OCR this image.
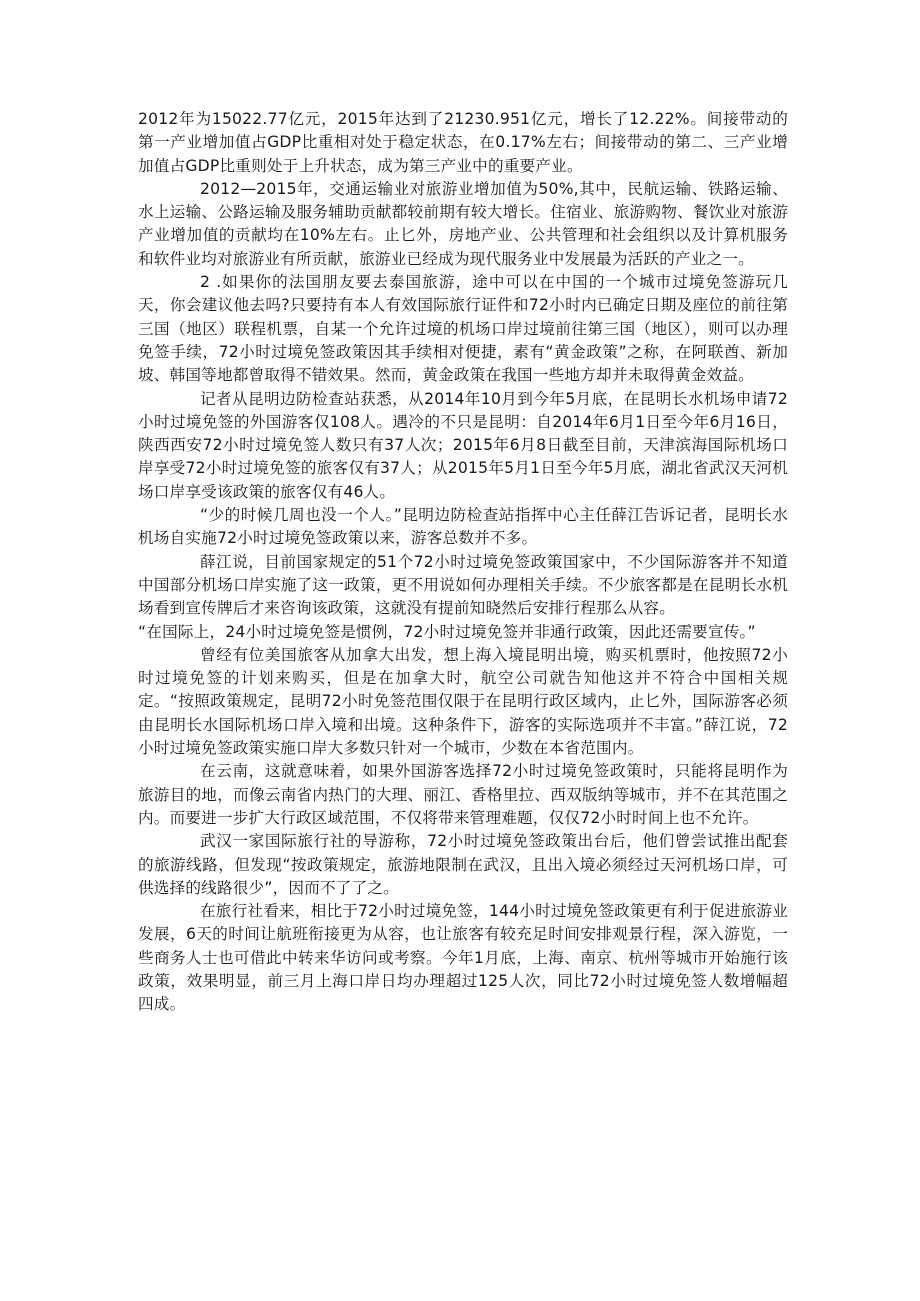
2012年为15022.77亿元，2015年达到了21230.951亿元，增长了12.22%。间接带动的第一产业增加值占GDP比重相对处于稳定状态，在0.17%左右；间接带动的第二、三产业增加值占GDP比重则处于上升状态，成为第三产业中的重要产业。

2012—2015年，交通运输业对旅游业增加值为50%,其中，民航运输、铁路运输、水上运输、公路运输及服务辅助贡献都较前期有较大增长。住宿业、旅游购物、餐饮业对旅游产业增加值的贡献均在10%左右。止匕外，房地产业、公共管理和社会组织以及计算机服务和软件业均对旅游业有所贡献，旅游业已经成为现代服务业中发展最为活跃的产业之一。

2 .如果你的法国朋友要去泰国旅游，途中可以在中国的一个城市过境免签游玩几天，你会建议他去吗?只要持有本人有效国际旅行证件和72小时内已确定日期及座位的前往第三国（地区）联程机票，自某一个允许过境的机场口岸过境前往第三国（地区），则可以办理免签手续，72小时过境免签政策因其手续相对便捷，素有“黄金政策”之称，在阿联酋、新加坡、韩国等地都曾取得不错效果。然而，黄金政策在我国一些地方却并未取得黄金效益。

记者从昆明边防检查站获悉，从2014年10月到今年5月底，在昆明长水机场申请72小时过境免签的外国游客仅108人。遇冷的不只是昆明：自2014年6月1日至今年6月16日，陕西西安72小时过境免签人数只有37人次；2015年6月8日截至目前，天津滨海国际机场口岸享受72小时过境免签的旅客仅有37人；从2015年5月1日至今年5月底，湖北省武汉天河机场口岸享受该政策的旅客仅有46人。

“少的时候几周也没一个人。”昆明边防检查站指挥中心主任薛江告诉记者，昆明长水机场自实施72小时过境免签政策以来，游客总数并不多。

薛江说，目前国家规定的51个72小时过境免签政策国家中，不少国际游客并不知道中国部分机场口岸实施了这一政策，更不用说如何办理相关手续。不少旅客都是在昆明长水机场看到宣传牌后才来咨询该政策，这就没有提前知晓然后安排行程那么从容。

“在国际上，24小时过境免签是惯例，72小时过境免签并非通行政策，因此还需要宣传。”

曾经有位美国旅客从加拿大出发，想上海入境昆明出境，购买机票时，他按照72小时过境免签的计划来购买，但是在加拿大时，航空公司就告知他这并不符合中国相关规定。“按照政策规定，昆明72小时免签范围仅限于在昆明行政区域内，止匕外，国际游客必须由昆明长水国际机场口岸入境和出境。这种条件下，游客的实际选项并不丰富。”薛江说，72小时过境免签政策实施口岸大多数只针对一个城市，少数在本省范围内。

在云南，这就意味着，如果外国游客选择72小时过境免签政策时，只能将昆明作为旅游目的地，而像云南省内热门的大理、丽江、香格里拉、西双版纳等城市，并不在其范围之内。而要进一步扩大行政区域范围，不仅将带来管理难题，仅仅72小时时间上也不允许。

武汉一家国际旅行社的导游称，72小时过境免签政策出台后，他们曾尝试推出配套的旅游线路，但发现“按政策规定，旅游地限制在武汉，且出入境必须经过天河机场口岸，可供选择的线路很少”，因而不了了之。

在旅行社看来，相比于72小时过境免签，144小时过境免签政策更有利于促进旅游业发展，6天的时间让航班衔接更为从容，也让旅客有较充足时间安排观景行程，深入游览，一些商务人士也可借此中转来华访问或考察。今年1月底，上海、南京、杭州等城市开始施行该政策，效果明显，前三月上海口岸日均办理超过125人次，同比72小时过境免签人数增幅超四成。
